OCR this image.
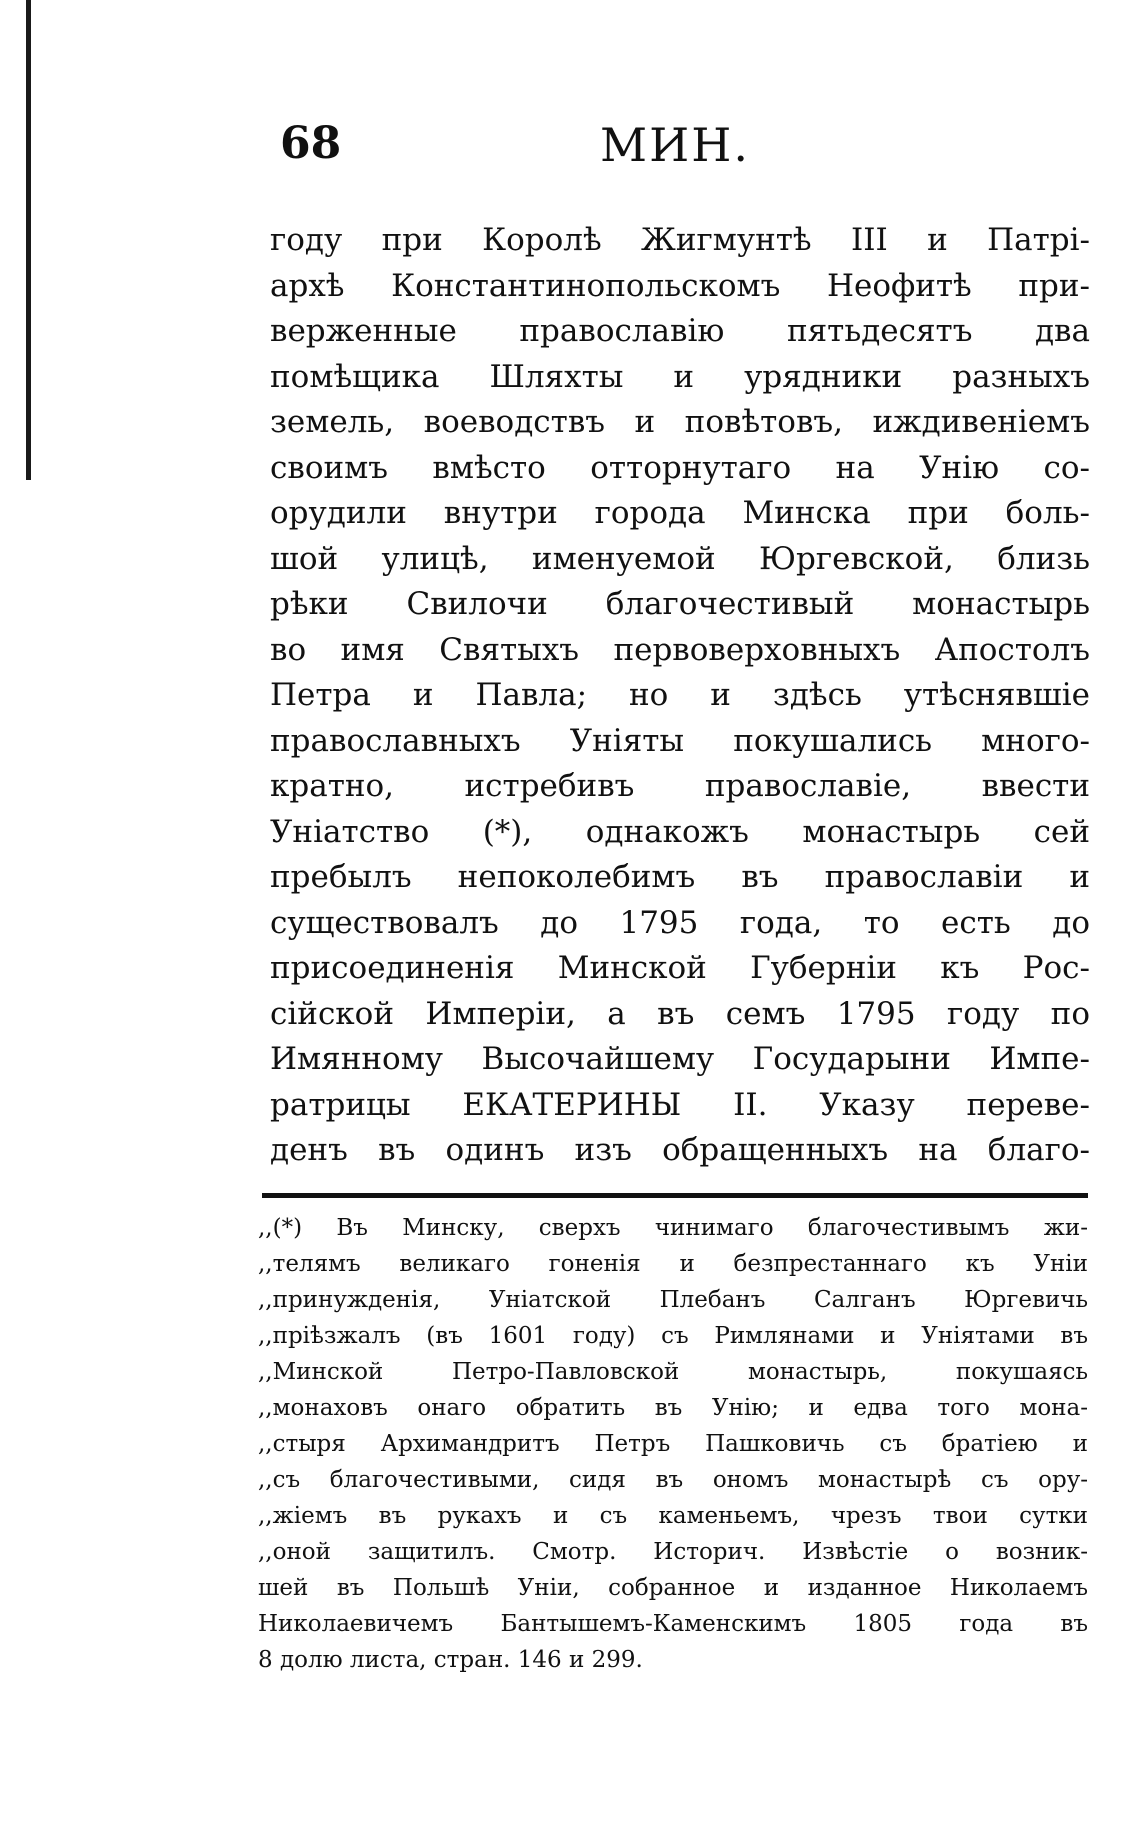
68	МИН.
году при Королѣ Жигмунтѣ III и Патрі-
архѣ Константинопольскомъ Неофитѣ при-
верженные православію пятьдесятъ два
помѣщика Шляхты и урядники разныхъ
земель, воеводствъ и повѣтовъ, иждивеніемъ
своимъ вмѣсто отторнутаго на Унію со-
орудили внутри города Минска при боль-
шой улицѣ, именуемой Юргевской, близь
рѣки Свилочи благочестивый монастырь
во имя Святыхъ первоверховныхъ Апостолъ
Петра и Павла; но и здѣсь утѣснявшіе
православныхъ Уніяты покушались много-
кратно, истребивъ православіе, ввести
Уніатство (*), однакожъ монастырь сей
пребылъ непоколебимъ въ православіи и
существовалъ до 1795 года, то есть до
присоединенія Минской Губерніи къ Рос-
сійской Имперіи, а въ семъ 1795 году по
Имянному Высочайшему Государыни Импе-
ратрицы ЕКАТЕРИНЫ II. Указу переве-
денъ въ одинъ изъ обращенныхъ на благо-
,,(*) Въ Минску, сверхъ чинимаго благочестивымъ жи-
,,телямъ великаго гоненія и безпрестаннаго къ Уніи
,,принужденія, Уніатской Плебанъ Салганъ Юргевичь
,,пріѣзжалъ (въ 1601 году) съ Римлянами и Уніятами въ
,,Минской Петро-Павловской монастырь, покушаясь
,,монаховъ онаго обратить въ Унію; и едва того мона-
,,стыря Архимандритъ Петръ Пашковичь съ братіею и
,,съ благочестивыми, сидя въ ономъ монастырѣ съ ору-
,,жіемъ въ рукахъ и съ каменьемъ, чрезъ твои сутки
,,оной защитилъ. Смотр. Историч. Извѣстіе о возник-
шей въ Польшѣ Уніи, собранное и изданное Николаемъ
Николаевичемъ Бантышемъ-Каменскимъ 1805 года въ
8 долю листа, стран. 146 и 299.
